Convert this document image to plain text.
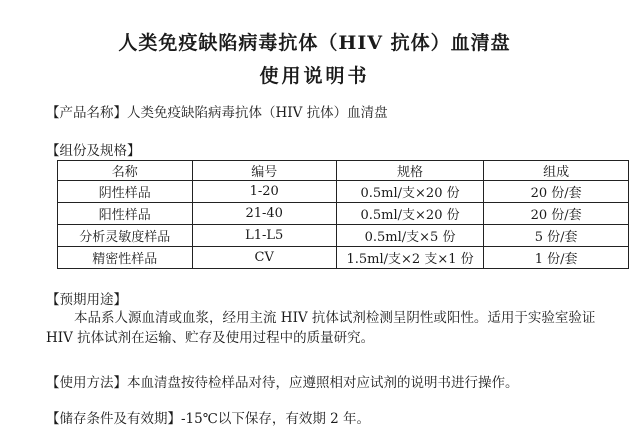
人类免疫缺陷病毒抗体（HIV 抗体）血清盘
使用说明书
【产品名称】人类免疫缺陷病毒抗体（HIV 抗体）血清盘
【组份及规格】
名称	编号	规格	组成
阴性样品	1-20	0.5ml/支×20 份	20 份/套
阳性样品	21-40	0.5ml/支×20 份	20 份/套
分析灵敏度样品	L1-L5	0.5ml/支×5 份	5 份/套
精密性样品	CV	1.5ml/支×2 支×1 份	1 份/套
【预期用途】
本品系人源血清或血浆，经用主流 HIV 抗体试剂检测呈阴性或阳性。适用于实验室验证 HIV 抗体试剂在运输、贮存及使用过程中的质量研究。
【使用方法】本血清盘按待检样品对待，应遵照相对应试剂的说明书进行操作。
【储存条件及有效期】-15℃以下保存，有效期 2 年。
